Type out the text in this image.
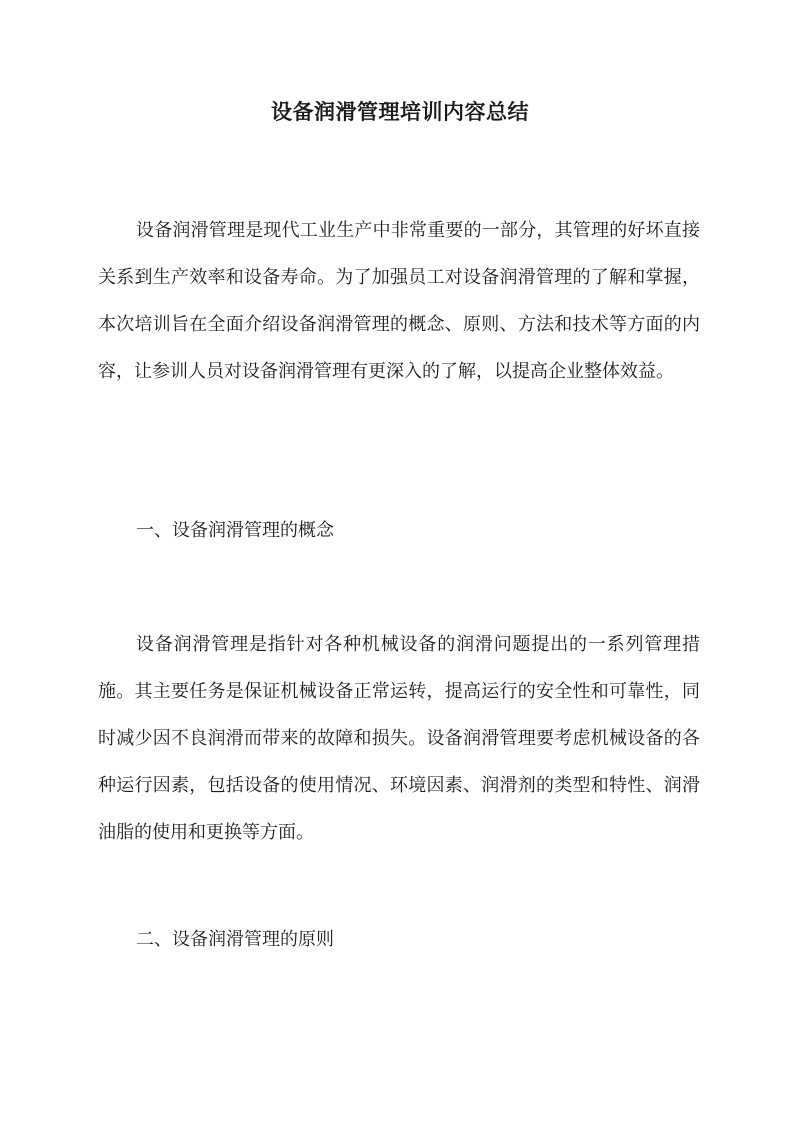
设备润滑管理培训内容总结

设备润滑管理是现代工业生产中非常重要的一部分，其管理的好坏直接关系到生产效率和设备寿命。为了加强员工对设备润滑管理的了解和掌握，本次培训旨在全面介绍设备润滑管理的概念、原则、方法和技术等方面的内容，让参训人员对设备润滑管理有更深入的了解，以提高企业整体效益。

一、设备润滑管理的概念

设备润滑管理是指针对各种机械设备的润滑问题提出的一系列管理措施。其主要任务是保证机械设备正常运转，提高运行的安全性和可靠性，同时减少因不良润滑而带来的故障和损失。设备润滑管理要考虑机械设备的各种运行因素，包括设备的使用情况、环境因素、润滑剂的类型和特性、润滑油脂的使用和更换等方面。

二、设备润滑管理的原则
